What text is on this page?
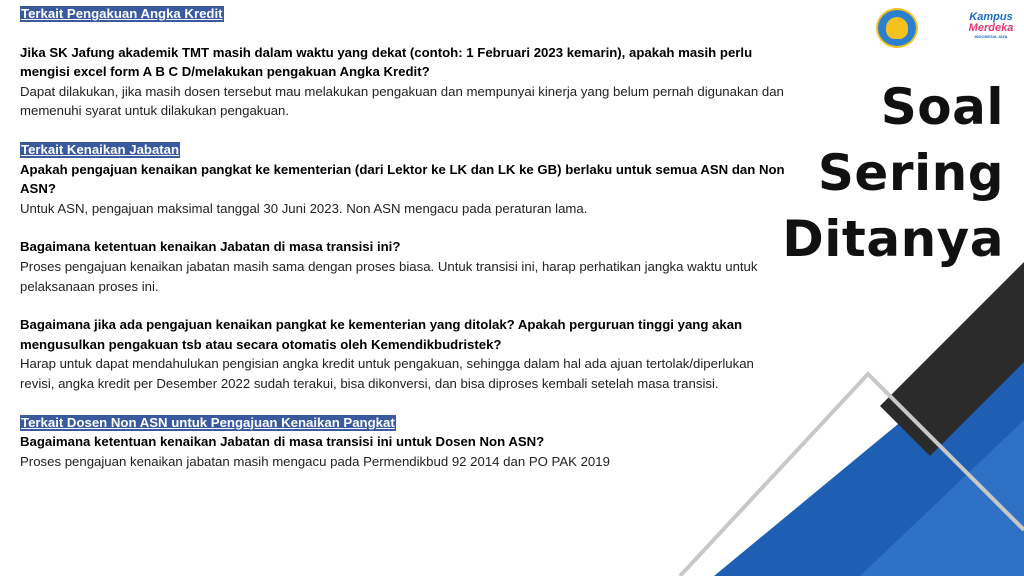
Terkait Pengakuan Angka Kredit
Jika SK Jafung akademik TMT masih dalam waktu yang dekat (contoh: 1 Februari 2023 kemarin), apakah masih perlu mengisi excel form A B C D/melakukan pengakuan Angka Kredit?
Dapat dilakukan, jika masih dosen tersebut mau melakukan pengakuan dan mempunyai kinerja yang belum pernah digunakan dan memenuhi syarat untuk dilakukan pengakuan.
Terkait Kenaikan Jabatan
Apakah pengajuan kenaikan pangkat ke kementerian (dari Lektor ke LK dan LK ke GB) berlaku untuk semua ASN dan Non ASN?
Untuk ASN, pengajuan maksimal tanggal 30 Juni 2023. Non ASN mengacu pada peraturan lama.
Bagaimana ketentuan kenaikan Jabatan di masa transisi ini?
Proses pengajuan kenaikan jabatan masih sama dengan proses biasa. Untuk transisi ini, harap perhatikan jangka waktu untuk pelaksanaan proses ini.
Bagaimana jika ada pengajuan kenaikan pangkat ke kementerian yang ditolak? Apakah perguruan tinggi yang akan mengusulkan pengakuan tsb atau secara otomatis oleh Kemendikbudristek?
Harap untuk dapat mendahulukan pengisian angka kredit untuk pengakuan, sehingga dalam hal ada ajuan tertolak/diperlukan revisi, angka kredit per Desember 2022 sudah terakui, bisa dikonversi, dan bisa diproses kembali setelah masa transisi.
Terkait Dosen Non ASN untuk Pengajuan Kenaikan Pangkat
Bagaimana ketentuan kenaikan Jabatan di masa transisi ini untuk Dosen Non ASN?
Proses pengajuan kenaikan jabatan masih mengacu pada Permendikbud 92 2014 dan PO PAK 2019
Soal
Sering
Ditanya
Kampus
Merdeka
INDONESIA JAYA
